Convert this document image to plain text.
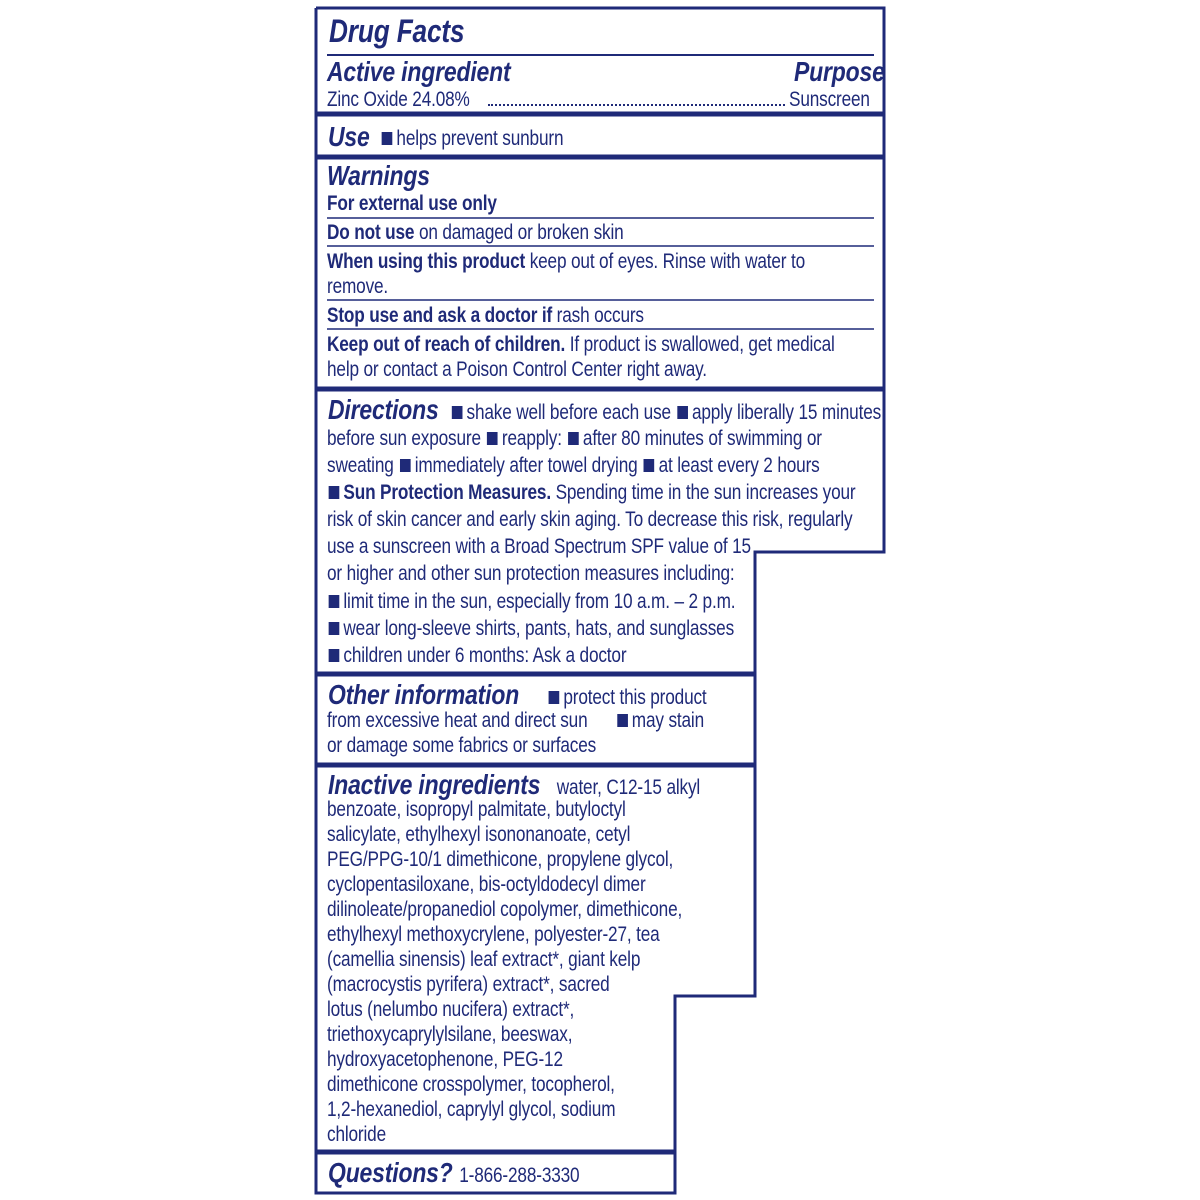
Drug Facts
Active ingredient	Purpose
Zinc Oxide 24.08%	Sunscreen
Use	helps prevent sunburn
Warnings
For external use only
Do not use on damaged or broken skin
When using this product keep out of eyes. Rinse with water to
remove.
Stop use and ask a doctor if rash occurs
Keep out of reach of children. If product is swallowed, get medical
help or contact a Poison Control Center right away.
Directions shake well before each use apply liberally 15 minutes
before sun exposure reapply: after 80 minutes of swimming or
sweating immediately after towel drying at least every 2 hours
Sun Protection Measures. Spending time in the sun increases your
risk of skin cancer and early skin aging. To decrease this risk, regularly
use a sunscreen with a Broad Spectrum SPF value of 15
or higher and other sun protection measures including:
limit time in the sun, especially from 10 a.m. – 2 p.m.
wear long-sleeve shirts, pants, hats, and sunglasses
children under 6 months: Ask a doctor
Other information protect this product
from excessive heat and direct sun may stain
or damage some fabrics or surfaces
Inactive ingredients water, C12-15 alkyl
benzoate, isopropyl palmitate, butyloctyl
salicylate, ethylhexyl isononanoate, cetyl
PEG/PPG-10/1 dimethicone, propylene glycol,
cyclopentasiloxane, bis-octyldodecyl dimer
dilinoleate/propanediol copolymer, dimethicone,
ethylhexyl methoxycrylene, polyester-27, tea
(camellia sinensis) leaf extract*, giant kelp
(macrocystis pyrifera) extract*, sacred
lotus (nelumbo nucifera) extract*,
triethoxycaprylylsilane, beeswax,
hydroxyacetophenone, PEG-12
dimethicone crosspolymer, tocopherol,
1,2-hexanediol, caprylyl glycol, sodium
chloride
Questions? 1-866-288-3330
